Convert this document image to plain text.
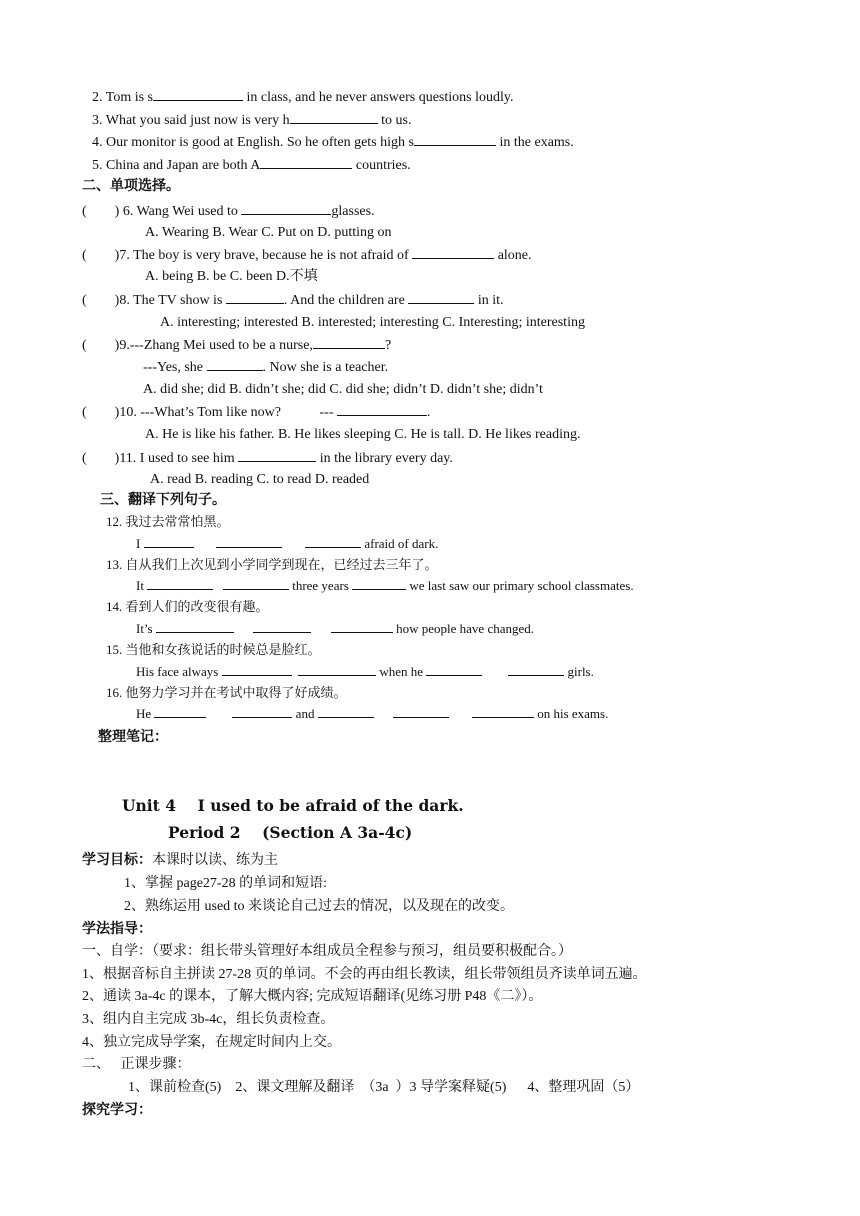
2. Tom is s	in class, and he never answers questions loudly.
3. What you said just now is very h	to us.
4. Our monitor is good at English. So he often gets high s	in the exams.
5. China and Japan are both A	countries.
二、单项选择。
(        ) 6. Wang Wei used to	glasses.
A. Wearing B. Wear C. Put on D. putting on
(        )7. The boy is very brave, because he is not afraid of	alone.
A. being B. be C. been D.不填
(        )8. The TV show is	. And the children are	in it.
A. interesting; interested B. interested; interesting C. Interesting; interesting
(        )9.---Zhang Mei used to be a nurse,	?
---Yes, she	. Now she is a teacher.
A. did she; did B. didn’t she; did C. did she; didn’t D. didn’t she; didn’t
(        )10. ---What’s Tom like now?           ---	.
A. He is like his father. B. He likes sleeping C. He is tall. D. He likes reading.
(        )11. I used to see him	in the library every day.
A. read B. reading C. to read D. readed
三、翻译下列句子。
12. 我过去常常怕黑。
I	afraid of dark.
13. 自从我们上次见到小学同学到现在，已经过去三年了。
It	three years	we last saw our primary school classmates.
14. 看到人们的改变很有趣。
It’s	how people have changed.
15. 当他和女孩说话的时候总是脸红。
His face always	when he	girls.
16. 他努力学习并在考试中取得了好成绩。
He	and	on his exams.
整理笔记：
Unit 4    I used to be afraid of the dark.
Period 2    (Section A 3a-4c)
学习目标：本课时以读、练为主
1、掌握 page27-28 的单词和短语:
2、熟练运用 used to 来谈论自己过去的情况，以及现在的改变。
学法指导：
一、自学：（要求：组长带头管理好本组成员全程参与预习，组员要积极配合。）
1、根据音标自主拼读 27-28 页的单词。不会的再由组长教读，组长带领组员齐读单词五遍。
2、通读 3a-4c 的课本，了解大概内容; 完成短语翻译(见练习册 P48《二》）。
3、组内自主完成 3b-4c，组长负责检查。
4、独立完成导学案，在规定时间内上交。
二、   正课步骤：
1、课前检查(5)    2、课文理解及翻译  （3a  ）3 导学案释疑(5)      4、整理巩固（5）
探究学习：
